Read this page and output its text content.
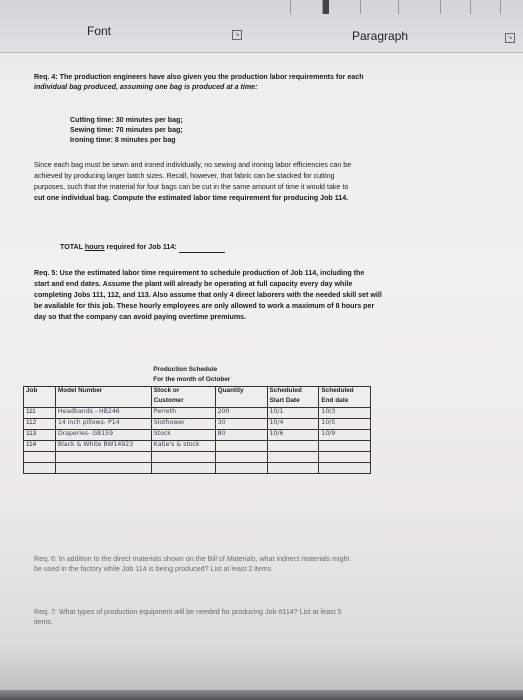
Font	↘	Paragraph	↘
Req. 4: The production engineers have also given you the production labor requirements for each
individual bag produced, assuming one bag is produced at a time:
Cutting time: 30 minutes per bag;
Sewing time: 70 minutes per bag;
Ironing time: 8 minutes per bag
Since each bag must be sewn and ironed individually, no sewing and ironing labor efficiencies can be
achieved by producing larger batch sizes. Recall, however, that fabric can be stacked for cutting
purposes, such that the material for four bags can be cut in the same amount of time it would take to
cut one individual bag. Compute the estimated labor time requirement for producing Job 114.
TOTAL hours required for Job 114:
Req. 5: Use the estimated labor time requirement to schedule production of Job 114, including the
start and end dates. Assume the plant will already be operating at full capacity every day while
completing Jobs 111, 112, and 113. Also assume that only 4 direct laborers with the needed skill set will
be available for this job. These hourly employees are only allowed to work a maximum of 8 hours per
day so that the company can avoid paying overtime premiums.
		Production Schedule				
		For the month of October				
Job	Model Number	Stock or	Quantity	Scheduled	Scheduled	
		Customer		Start Date	End date	
111	Headbands - HB246	Perreth	200	10/1	10/3	
112	14 inch pillows- P14	Slothower	30	10/4	10/5	
113	Draperies- GB159	Stock	80	10/6	10/9	
114	Black & White BW14923	Katie's & stock				

Req. 6: In addition to the direct materials shown on the Bill of Materials, what indirect materials might
be used in the factory while Job 114 is being produced? List at least 2 items
Req. 7: What types of production equipment will be needed for producing Job #114? List at least 5
items.
